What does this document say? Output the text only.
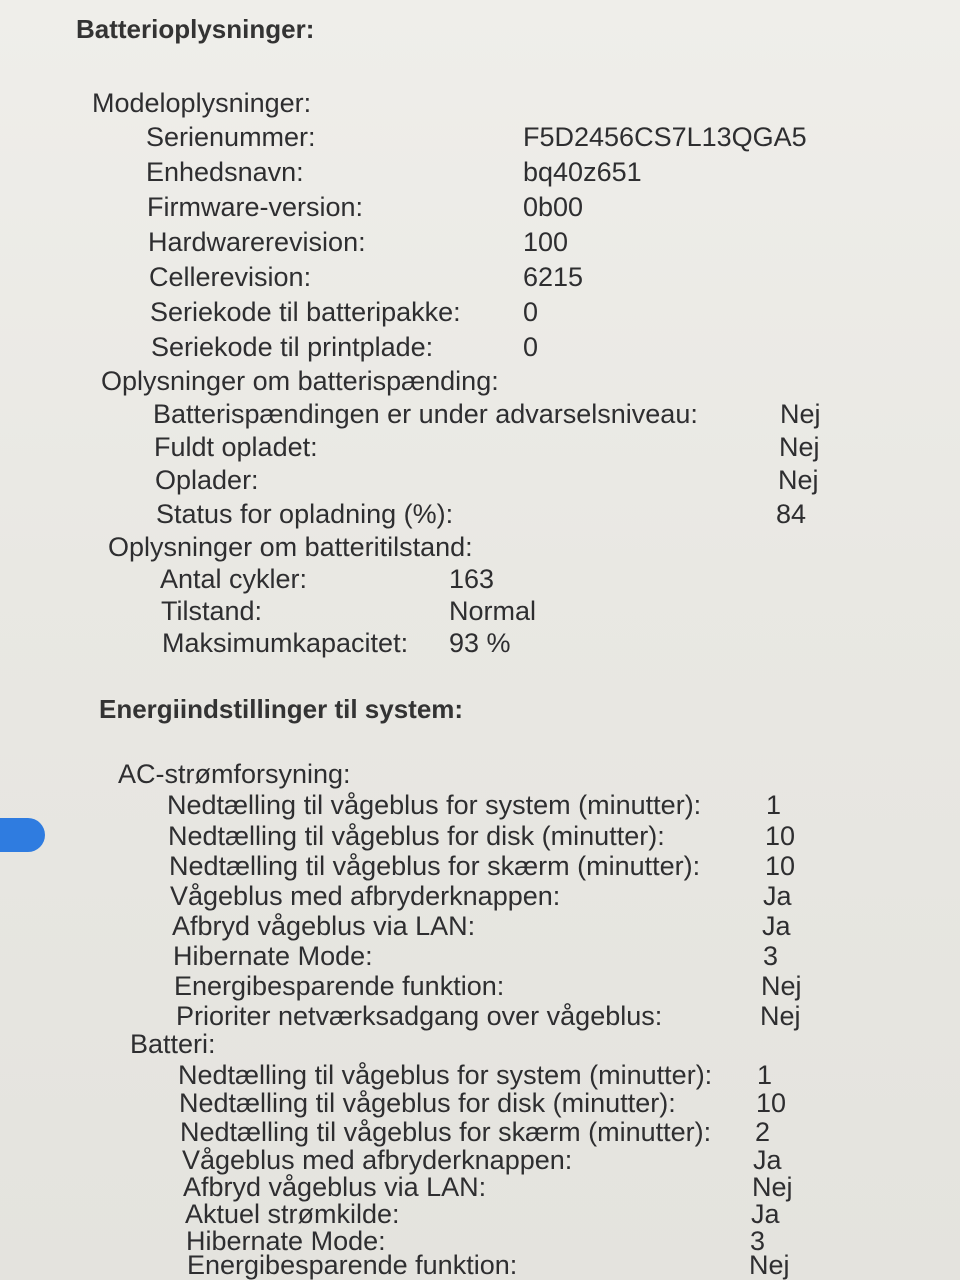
Batterioplysninger:
Modeloplysninger:
Serienummer:	F5D2456CS7L13QGA5
Enhedsnavn:	bq40z651
Firmware-version:	0b00
Hardwarerevision:	100
Cellerevision:	6215
Seriekode til batteripakke: 0
Seriekode til printplade:	0
Oplysninger om batterispænding:
Batterispændingen er under advarselsniveau:	Nej
Fuldt opladet:	Nej
Oplader:	Nej
Status for opladning (%):	84
Oplysninger om batteritilstand:
Antal cykler:	163
Tilstand:	Normal
Maksimumkapacitet: 93 %
Energiindstillinger til system:
AC-strømforsyning:
Nedtælling til vågeblus for system (minutter): 1
Nedtælling til vågeblus for disk (minutter):	10
Nedtælling til vågeblus for skærm (minutter): 10
Vågeblus med afbryderknappen:	Ja
Afbryd vågeblus via LAN:	Ja
Hibernate Mode:	3
Energibesparende funktion:	Nej
Prioriter netværksadgang over vågeblus:	Nej
Batteri:
Nedtælling til vågeblus for system (minutter): 1
Nedtælling til vågeblus for disk (minutter):	10
Nedtælling til vågeblus for skærm (minutter): 2
Vågeblus med afbryderknappen:	Ja
Afbryd vågeblus via LAN:	Nej
Aktuel strømkilde:	Ja
Hibernate Mode:	3
Energibesparende funktion:	Nej
